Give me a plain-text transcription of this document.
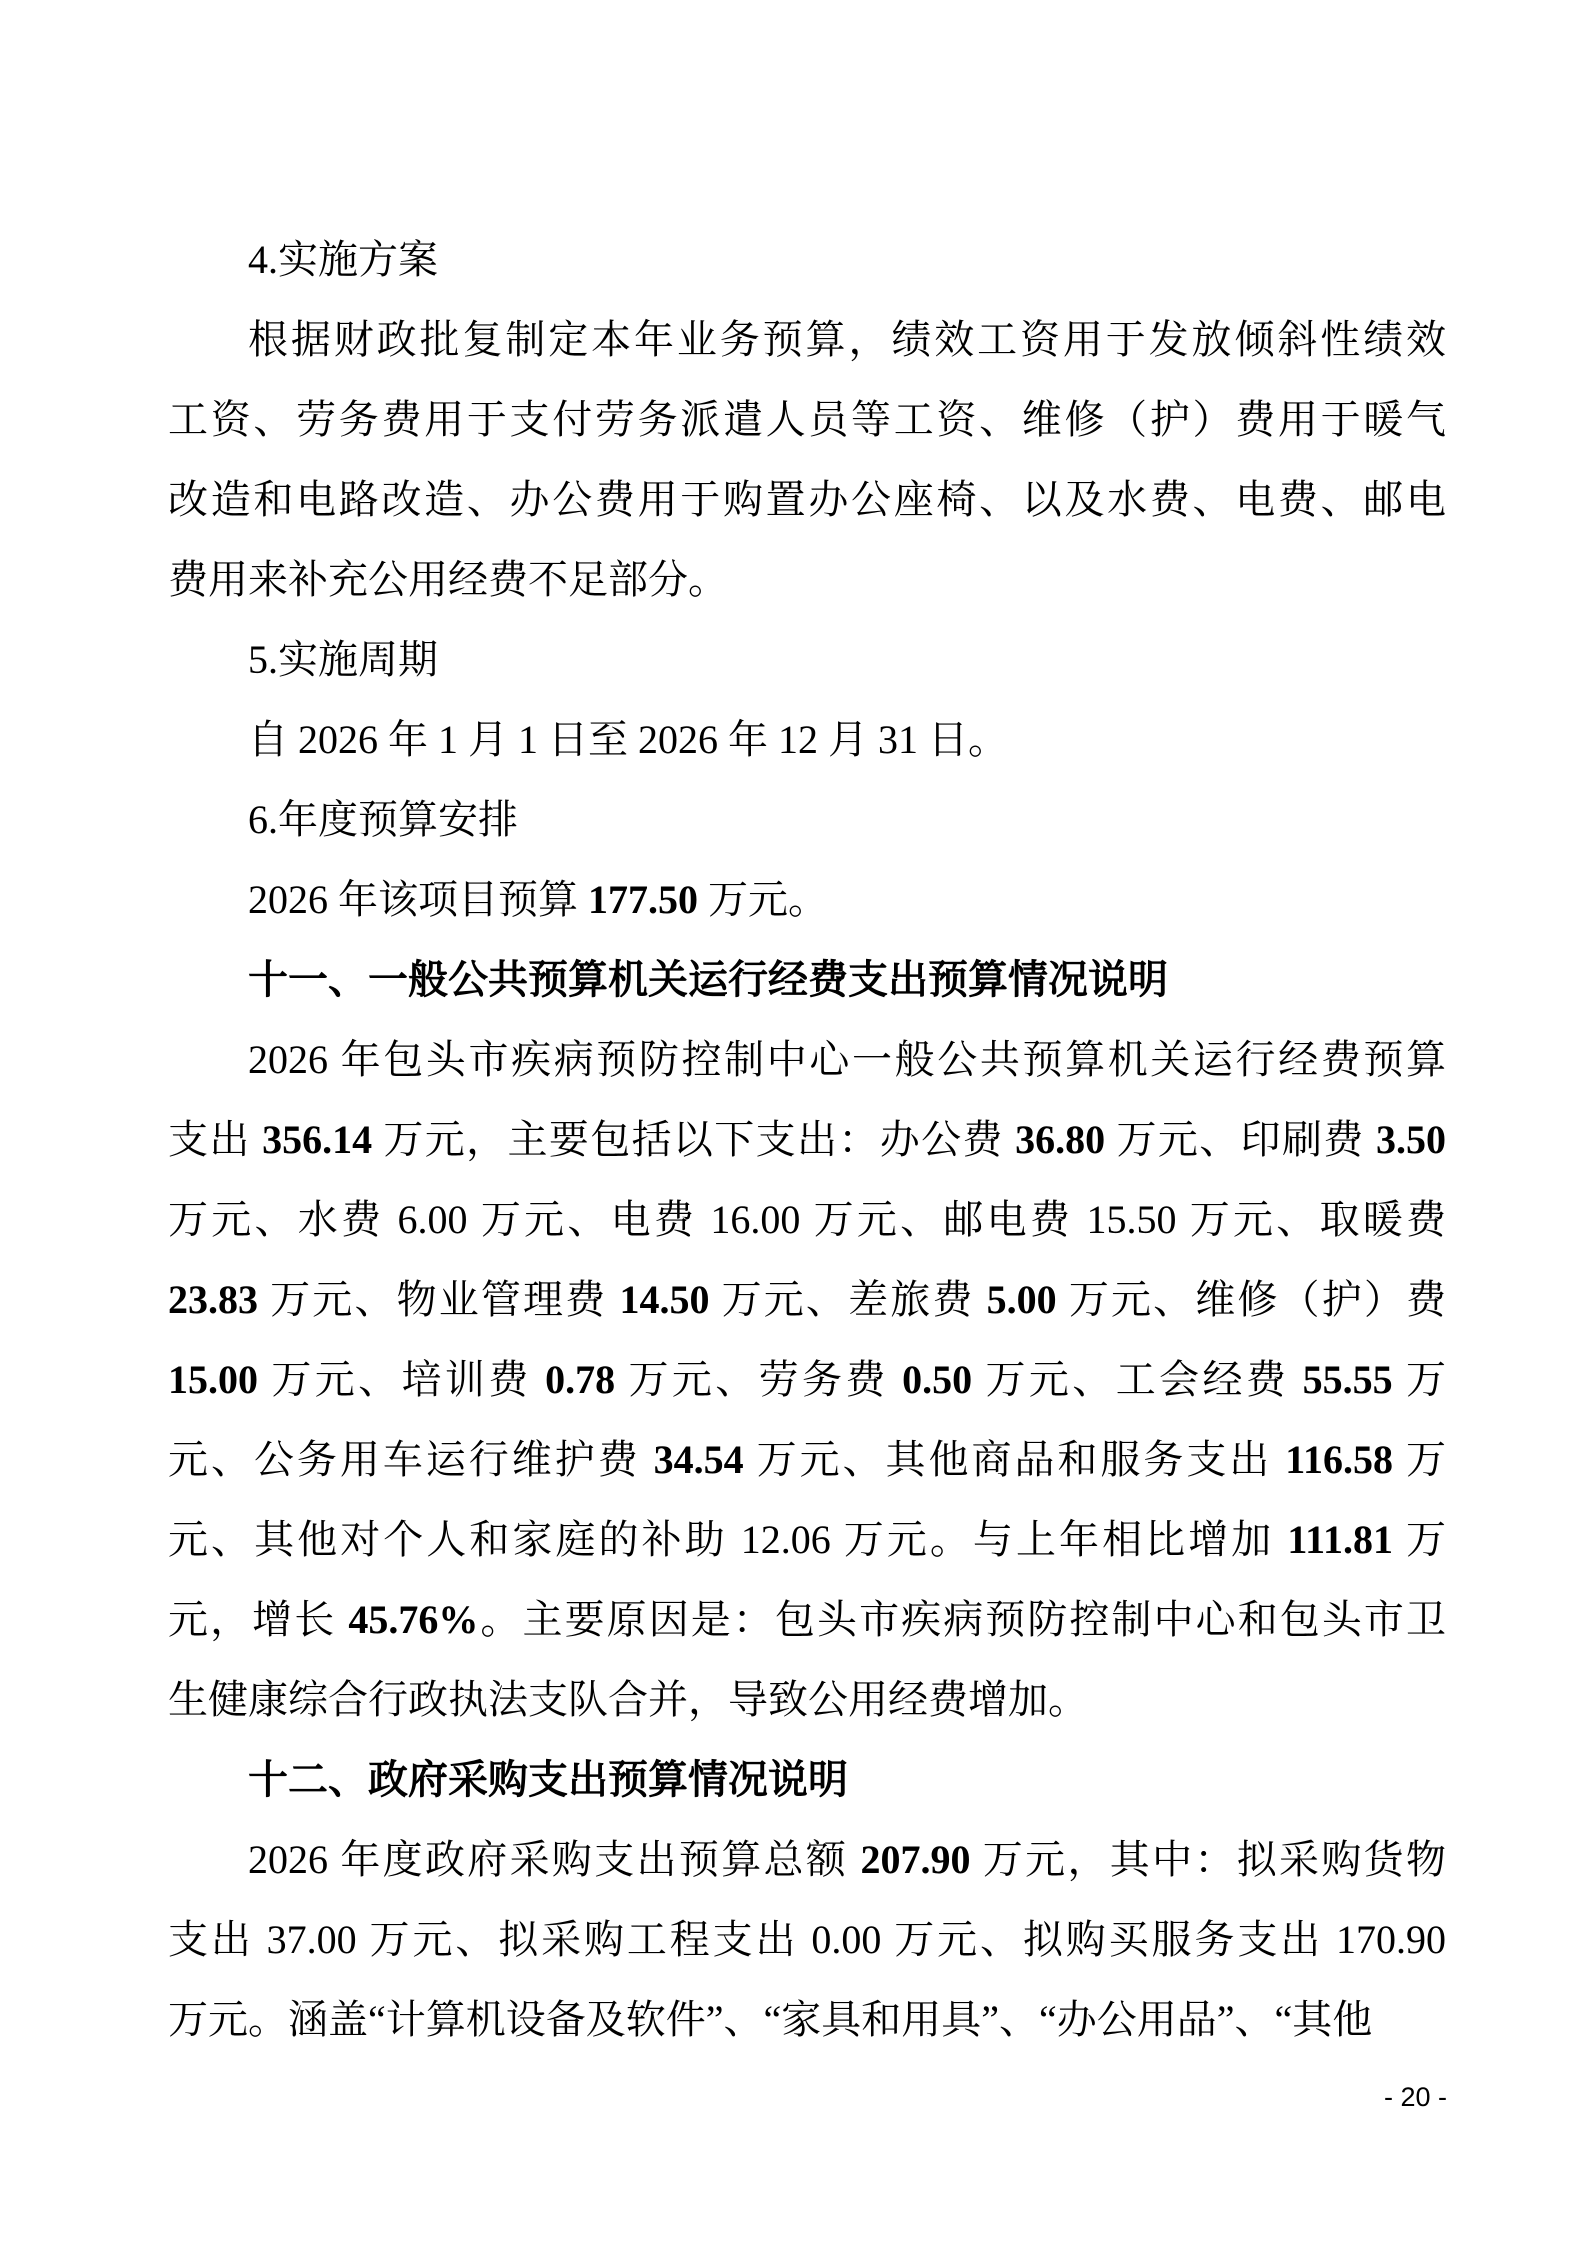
4.实施方案
根据财政批复制定本年业务预算，绩效工资用于发放倾斜性绩效
工资、劳务费用于支付劳务派遣人员等工资、维修（护）费用于暖气
改造和电路改造、办公费用于购置办公座椅、以及水费、电费、邮电
费用来补充公用经费不足部分。
5.实施周期
自 2026 年 1 月 1 日至 2026 年 12 月 31 日。
6.年度预算安排
2026 年该项目预算 177.50 万元。
十一、一般公共预算机关运行经费支出预算情况说明
2026 年包头市疾病预防控制中心一般公共预算机关运行经费预算
支出 356.14 万元，主要包括以下支出：办公费 36.80 万元、印刷费 3.50
万元、水费 6.00 万元、电费 16.00 万元、邮电费 15.50 万元、取暖费
23.83 万元、物业管理费 14.50 万元、差旅费 5.00 万元、维修（护）费
15.00 万元、培训费 0.78 万元、劳务费 0.50 万元、工会经费 55.55 万
元、公务用车运行维护费 34.54 万元、其他商品和服务支出 116.58 万
元、其他对个人和家庭的补助 12.06 万元。与上年相比增加 111.81 万
元，增长 45.76%。主要原因是：包头市疾病预防控制中心和包头市卫
生健康综合行政执法支队合并，导致公用经费增加。
十二、政府采购支出预算情况说明
2026 年度政府采购支出预算总额 207.90 万元，其中：拟采购货物
支出 37.00 万元、拟采购工程支出 0.00 万元、拟购买服务支出 170.90
万元。涵盖“计算机设备及软件”、“家具和用具”、“办公用品”、“其他
- 20 -
